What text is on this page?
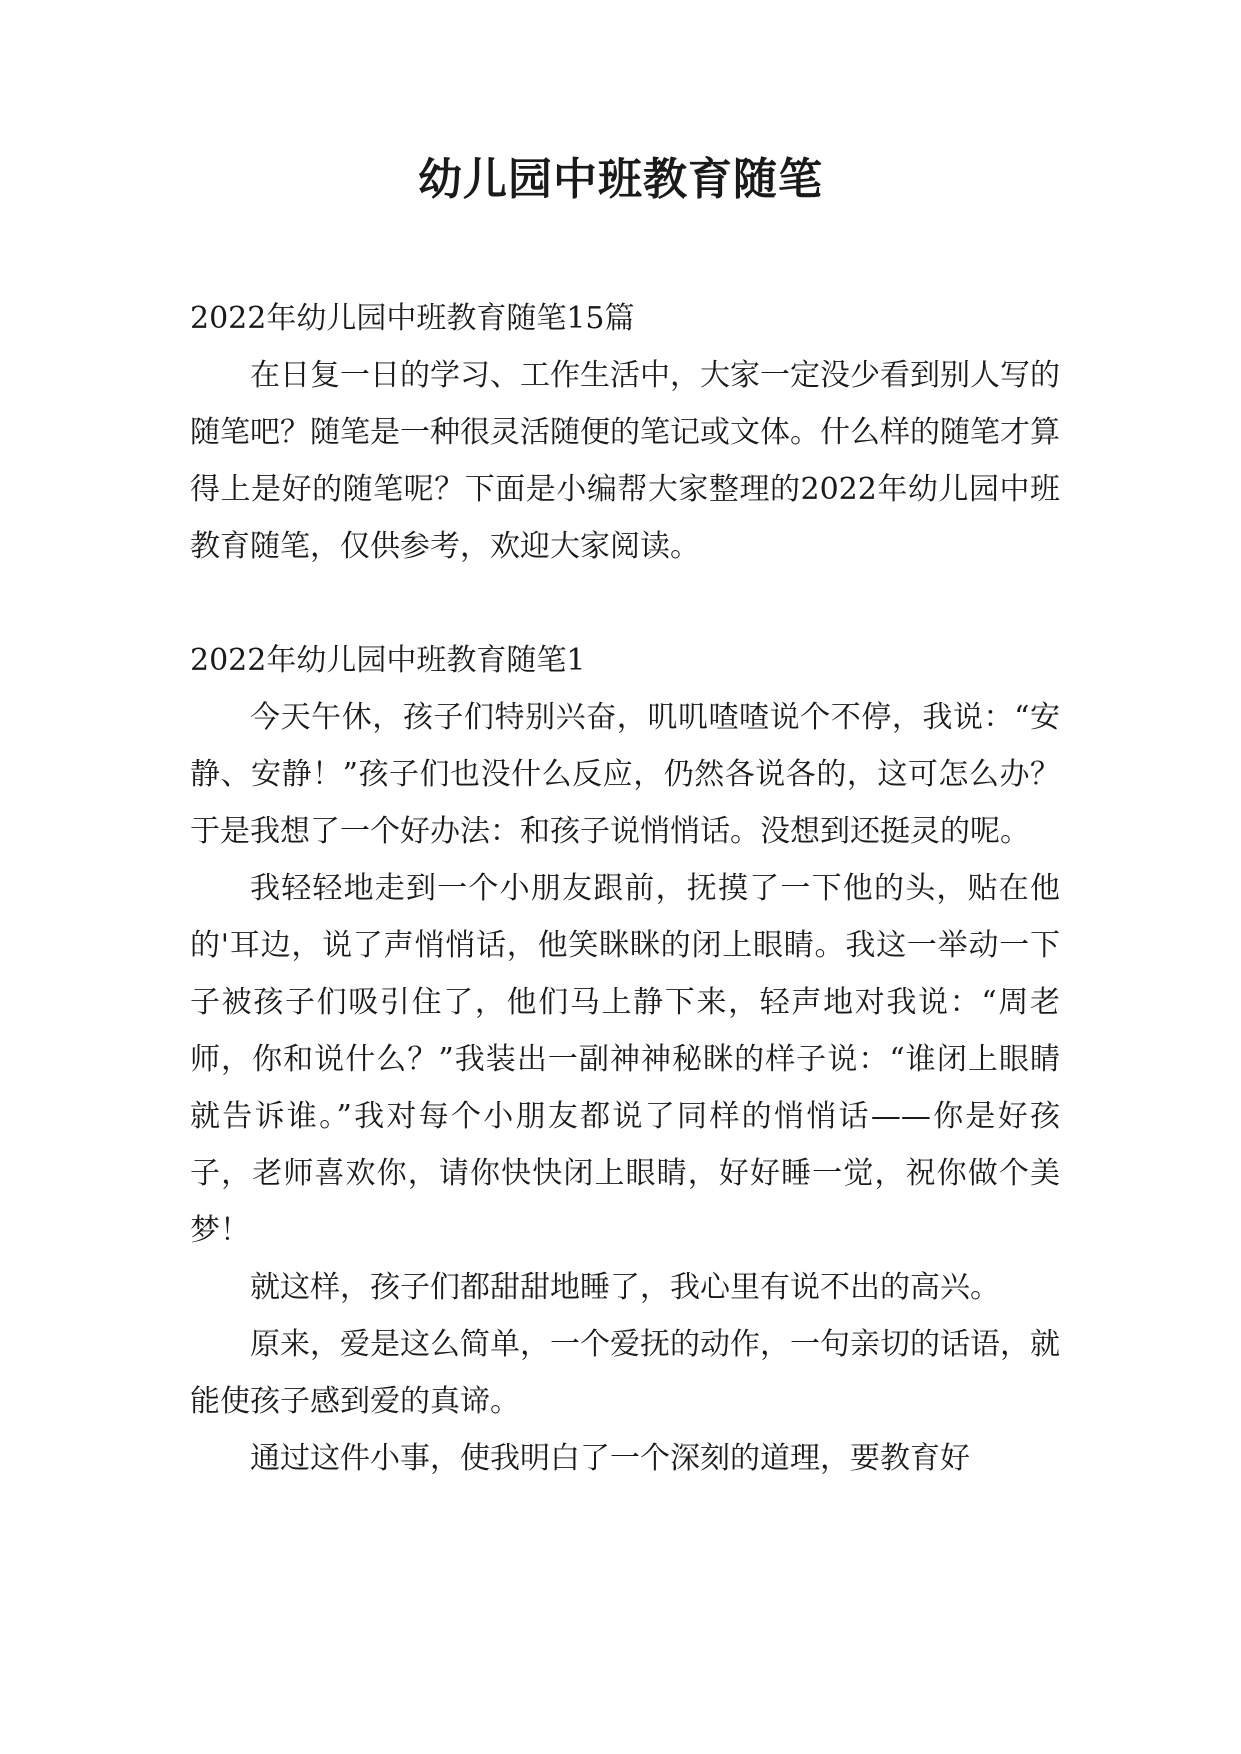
幼儿园中班教育随笔

2022年幼儿园中班教育随笔15篇

在日复一日的学习、工作生活中，大家一定没少看到别人写的随笔吧？随笔是一种很灵活随便的笔记或文体。什么样的随笔才算得上是好的随笔呢？下面是小编帮大家整理的2022年幼儿园中班教育随笔，仅供参考，欢迎大家阅读。

2022年幼儿园中班教育随笔1

今天午休，孩子们特别兴奋，叽叽喳喳说个不停，我说：“安静、安静！”孩子们也没什么反应，仍然各说各的，这可怎么办？于是我想了一个好办法：和孩子说悄悄话。没想到还挺灵的呢。

我轻轻地走到一个小朋友跟前，抚摸了一下他的头，贴在他的'耳边，说了声悄悄话，他笑眯眯的闭上眼睛。我这一举动一下子被孩子们吸引住了，他们马上静下来，轻声地对我说：“周老师，你和说什么？”我装出一副神神秘眯的样子说：“谁闭上眼睛就告诉谁。”我对每个小朋友都说了同样的悄悄话——你是好孩子，老师喜欢你，请你快快闭上眼睛，好好睡一觉，祝你做个美梦！

就这样，孩子们都甜甜地睡了，我心里有说不出的高兴。

原来，爱是这么简单，一个爱抚的动作，一句亲切的话语，就能使孩子感到爱的真谛。

通过这件小事，使我明白了一个深刻的道理，要教育好
